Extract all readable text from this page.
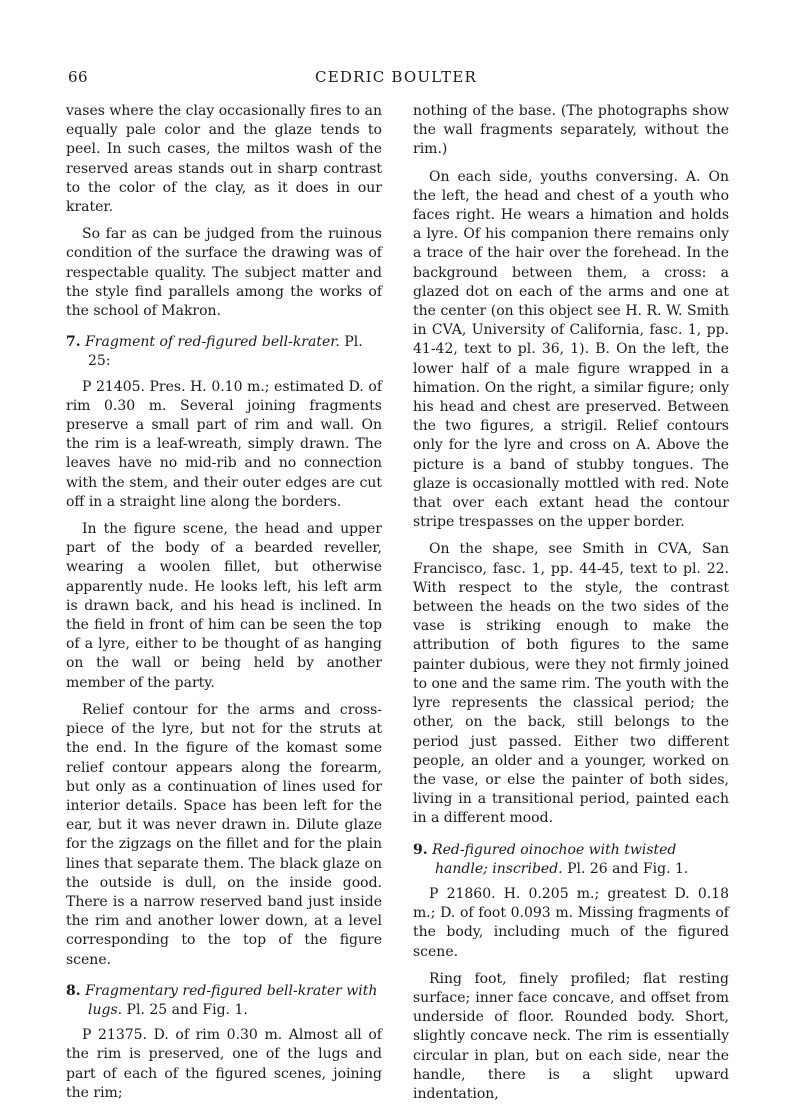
66	CEDRIC BOULTER

vases where the clay occasionally fires to an equally pale color and the glaze tends to peel. In such cases, the miltos wash of the reserved areas stands out in sharp contrast to the color of the clay, as it does in our krater.

So far as can be judged from the ruinous condition of the surface the drawing was of respectable quality. The subject matter and the style find parallels among the works of the school of Makron.

7. Fragment of red-figured bell-krater. Pl. 25:

P 21405. Pres. H. 0.10 m.; estimated D. of rim 0.30 m. Several joining fragments preserve a small part of rim and wall. On the rim is a leaf-wreath, simply drawn. The leaves have no mid-rib and no connection with the stem, and their outer edges are cut off in a straight line along the borders.

In the figure scene, the head and upper part of the body of a bearded reveller, wearing a woolen fillet, but otherwise apparently nude. He looks left, his left arm is drawn back, and his head is inclined. In the field in front of him can be seen the top of a lyre, either to be thought of as hanging on the wall or being held by another member of the party.

Relief contour for the arms and cross-piece of the lyre, but not for the struts at the end. In the figure of the komast some relief contour appears along the forearm, but only as a continuation of lines used for interior details. Space has been left for the ear, but it was never drawn in. Dilute glaze for the zigzags on the fillet and for the plain lines that separate them. The black glaze on the outside is dull, on the inside good. There is a narrow reserved band just inside the rim and another lower down, at a level corresponding to the top of the figure scene.

8. Fragmentary red-figured bell-krater with lugs. Pl. 25 and Fig. 1.

P 21375. D. of rim 0.30 m. Almost all of the rim is preserved, one of the lugs and part of each of the figured scenes, joining the rim;

nothing of the base. (The photographs show the wall fragments separately, without the rim.)

On each side, youths conversing. A. On the left, the head and chest of a youth who faces right. He wears a himation and holds a lyre. Of his companion there remains only a trace of the hair over the forehead. In the background between them, a cross: a glazed dot on each of the arms and one at the center (on this object see H. R. W. Smith in CVA, University of California, fasc. 1, pp. 41-42, text to pl. 36, 1). B. On the left, the lower half of a male figure wrapped in a himation. On the right, a similar figure; only his head and chest are preserved. Between the two figures, a strigil. Relief contours only for the lyre and cross on A. Above the picture is a band of stubby tongues. The glaze is occasionally mottled with red. Note that over each extant head the contour stripe trespasses on the upper border.

On the shape, see Smith in CVA, San Francisco, fasc. 1, pp. 44-45, text to pl. 22. With respect to the style, the contrast between the heads on the two sides of the vase is striking enough to make the attribution of both figures to the same painter dubious, were they not firmly joined to one and the same rim. The youth with the lyre represents the classical period; the other, on the back, still belongs to the period just passed. Either two different people, an older and a younger, worked on the vase, or else the painter of both sides, living in a transitional period, painted each in a different mood.

9. Red-figured oinochoe with twisted handle; inscribed. Pl. 26 and Fig. 1.

P 21860. H. 0.205 m.; greatest D. 0.18 m.; D. of foot 0.093 m. Missing fragments of the body, including much of the figured scene.

Ring foot, finely profiled; flat resting surface; inner face concave, and offset from underside of floor. Rounded body. Short, slightly concave neck. The rim is essentially circular in plan, but on each side, near the handle, there is a slight upward indentation,
